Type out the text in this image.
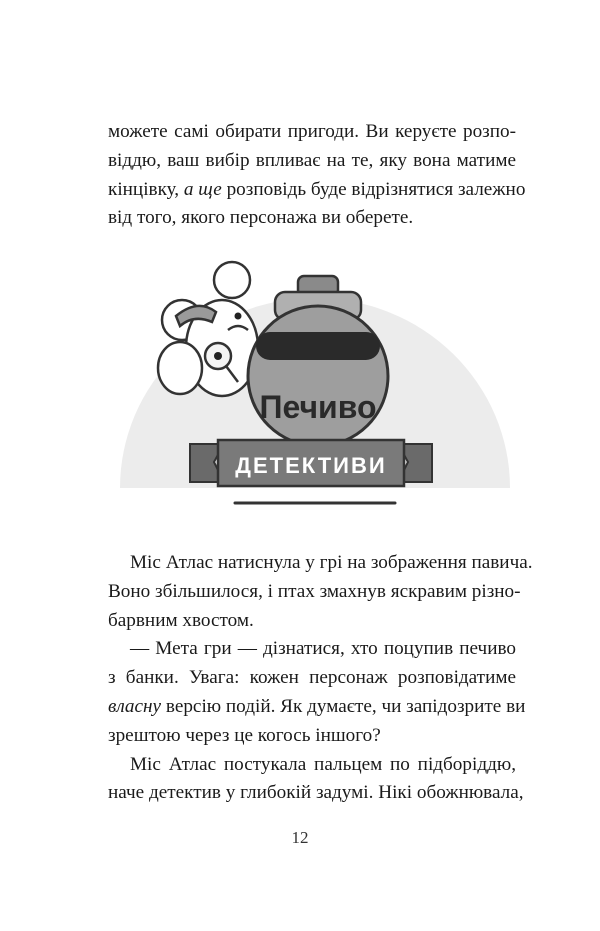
можете самі обирати пригоди. Ви керуєте розпо-
віддю, ваш вибір впливає на те, яку вона матиме
кінцівку, а ще розповідь буде відрізнятися залежно
від того, якого персонажа ви оберете.
Печиво
ДЕТЕКТИВИ
Міс Атлас натиснула у грі на зображення павича.
Воно збільшилося, і птах змахнув яскравим різно-
барвним хвостом.
— Мета гри — дізнатися, хто поцупив печиво
з банки. Увага: кожен персонаж розповідатиме
власну версію подій. Як думаєте, чи запідозрите ви
зрештою через це когось іншого?
Міс Атлас постукала пальцем по підборіддю,
наче детектив у глибокій задумі. Нікі обожнювала,
12
